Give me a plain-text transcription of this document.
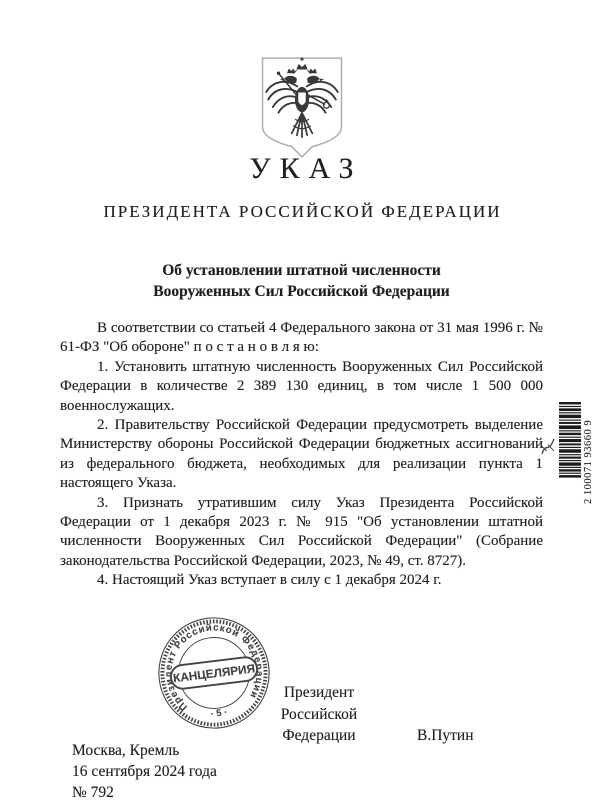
УКАЗ
ПРЕЗИДЕНТА РОССИЙСКОЙ ФЕДЕРАЦИИ
Об установлении штатной численности
Вооруженных Сил Российской Федерации

В соответствии со статьей 4 Федерального закона от 31 мая 1996 г. № 61-ФЗ "Об обороне" п о с т а н о в л я ю:

1. Установить штатную численность Вооруженных Сил Российской Федерации в количестве 2 389 130 единиц, в том числе 1 500 000 военнослужащих.

2. Правительству Российской Федерации предусмотреть выделение Министерству обороны Российской Федерации бюджетных ассигнований из федерального бюджета, необходимых для реализации пункта 1 настоящего Указа.

3. Признать утратившим силу Указ Президента Российской Федерации от 1 декабря 2023 г. № 915 "Об установлении штатной численности Вооруженных Сил Российской Федерации" (Собрание законодательства Российской Федерации, 2023, № 49, ст. 8727).

4. Настоящий Указ вступает в силу с 1 декабря 2024 г.

Президент
Российской Федерации	В.Путин
Президент Российской Федерации
КАНЦЕЛЯРИЯ
· 5 ·
Москва, Кремль
16 сентября 2024 года
№ 792
2 100071 93660 9
